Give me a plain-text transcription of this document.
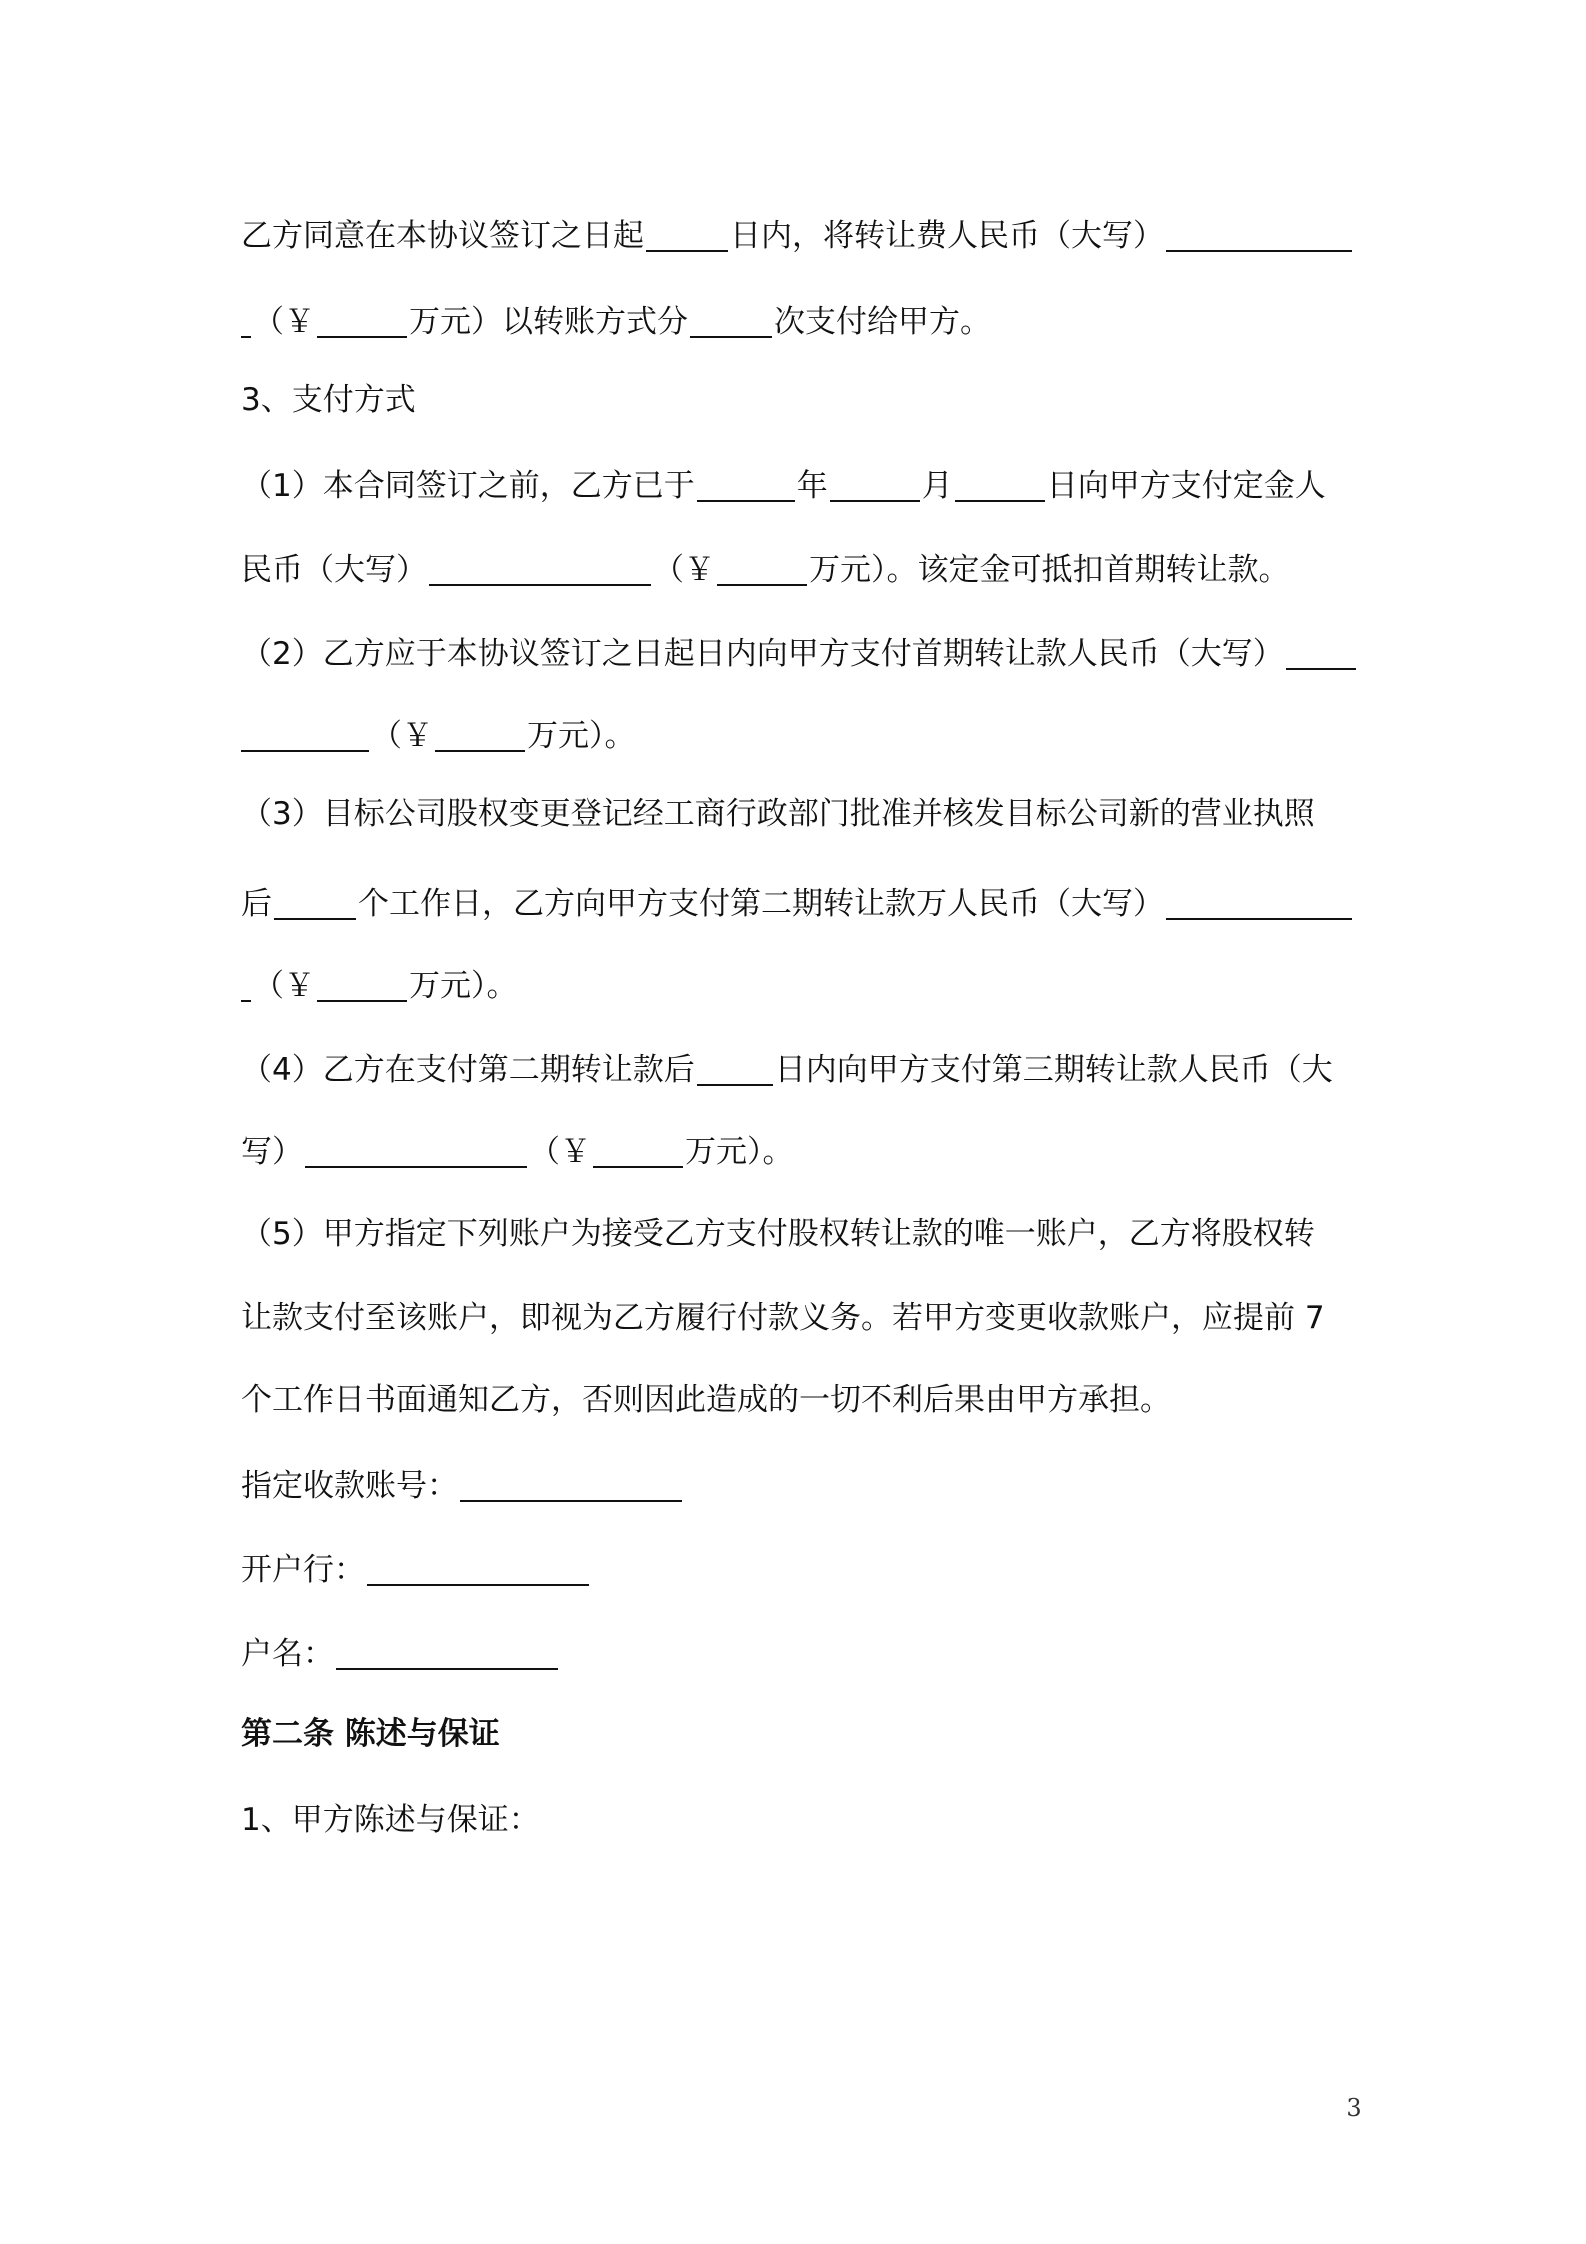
乙方同意在本协议签订之日起	日内，将转让费人民币（大写）
（￥	万元）以转账方式分	次支付给甲方。
3、支付方式
（1）本合同签订之前，乙方已于	年	月	日向甲方支付定金人
民币（大写）	（￥	万元）。该定金可抵扣首期转让款。
（2）乙方应于本协议签订之日起日内向甲方支付首期转让款人民币（大写）
（￥	万元）。
（3）目标公司股权变更登记经工商行政部门批准并核发目标公司新的营业执照
后	个工作日，乙方向甲方支付第二期转让款万人民币（大写）
（￥	万元）。
（4）乙方在支付第二期转让款后	日内向甲方支付第三期转让款人民币（大
写）	（￥	万元）。
（5）甲方指定下列账户为接受乙方支付股权转让款的唯一账户，乙方将股权转
让款支付至该账户，即视为乙方履行付款义务。若甲方变更收款账户，应提前 7
个工作日书面通知乙方，否则因此造成的一切不利后果由甲方承担。
指定收款账号：
开户行：
户名：
第二条 陈述与保证
1、甲方陈述与保证：
3
